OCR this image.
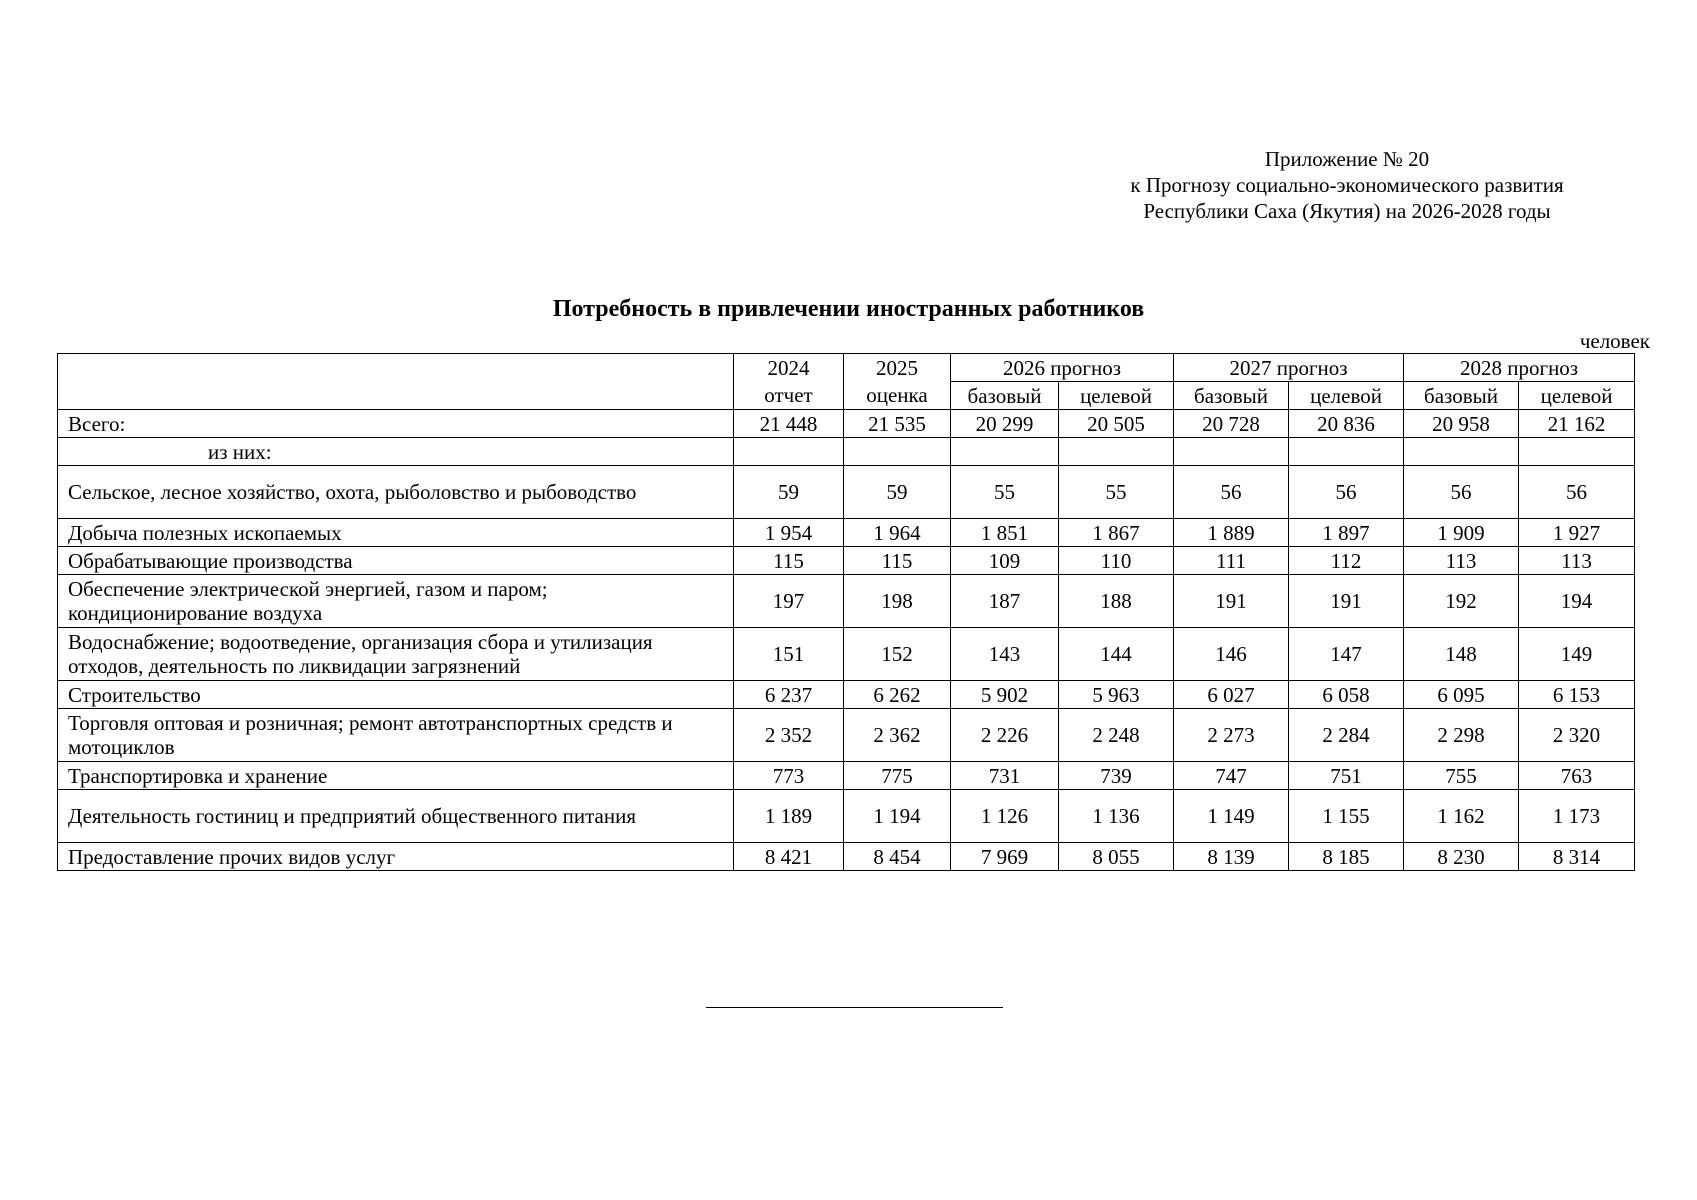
Приложение № 20
к Прогнозу социально-экономического развития
Республики Саха (Якутия) на 2026-2028 годы
Потребность в привлечении иностранных работников
человек
	2024	2025	2026 прогноз		2027 прогноз		2028 прогноз	
	отчет	оценка	базовый	целевой	базовый	целевой	базовый	целевой
Всего:	21 448	21 535	20 299	20 505	20 728	20 836	20 958	21 162
из них:								
Сельское, лесное хозяйство, охота, рыболовство и рыбоводство	59	59	55	55	56	56	56	56
Добыча полезных ископаемых	1 954	1 964	1 851	1 867	1 889	1 897	1 909	1 927
Обрабатывающие производства	115	115	109	110	111	112	113	113
Обеспечение электрической энергией, газом и паром; кондиционирование воздуха	197	198	187	188	191	191	192	194
Водоснабжение; водоотведение, организация сбора и утилизация отходов, деятельность по ликвидации загрязнений	151	152	143	144	146	147	148	149
Строительство	6 237	6 262	5 902	5 963	6 027	6 058	6 095	6 153
Торговля оптовая и розничная; ремонт автотранспортных средств и мотоциклов	2 352	2 362	2 226	2 248	2 273	2 284	2 298	2 320
Транспортировка и хранение	773	775	731	739	747	751	755	763
Деятельность гостиниц и предприятий общественного питания	1 189	1 194	1 126	1 136	1 149	1 155	1 162	1 173
Предоставление прочих видов услуг	8 421	8 454	7 969	8 055	8 139	8 185	8 230	8 314
